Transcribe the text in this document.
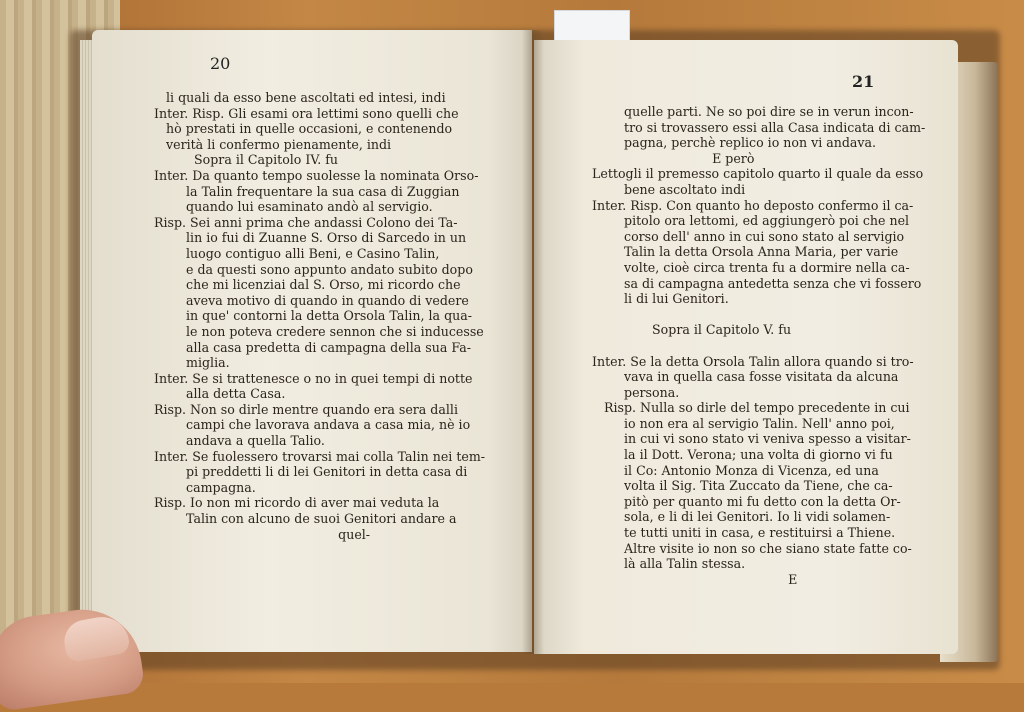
20
li quali da esso bene ascoltati ed intesi, indi
Inter. Risp. Gli esami ora lettimi sono quelli che
hò prestati in quelle occasioni, e contenendo
verità li confermo pienamente, indi
Sopra il Capitolo IV. fu
Inter. Da quanto tempo suolesse la nominata Orso-
la Talin frequentare la sua casa di Zuggian
quando lui esaminato andò al servigio.
Risp. Sei anni prima che andassi Colono dei Ta-
lin io fui di Zuanne S. Orso di Sarcedo in un
luogo contiguo alli Beni, e Casino Talin,
e da questi sono appunto andato subito dopo
che mi licenziai dal S. Orso, mi ricordo che
aveva motivo di quando in quando di vedere
in que' contorni la detta Orsola Talin, la qua-
le non poteva credere sennon che si inducesse
alla casa predetta di campagna della sua Fa-
miglia.
Inter. Se si trattenesce o no in quei tempi di notte
alla detta Casa.
Risp. Non so dirle mentre quando era sera dalli
campi che lavorava andava a casa mia, nè io
andava a quella Talio.
Inter. Se fuolessero trovarsi mai colla Talin nei tem-
pi preddetti li di lei Genitori in detta casa di
campagna.
Risp. Io non mi ricordo di aver mai veduta la
Talin con alcuno de suoi Genitori andare a
quel-
21
quelle parti. Ne so poi dire se in verun incon-
tro si trovassero essi alla Casa indicata di cam-
pagna, perchè replico io non vi andava.
E però
Lettogli il premesso capitolo quarto il quale da esso
bene ascoltato indi
Inter. Risp. Con quanto ho deposto confermo il ca-
pitolo ora lettomi, ed aggiungerò poi che nel
corso dell' anno in cui sono stato al servigio
Talin la detta Orsola Anna Maria, per varie
volte, cioè circa trenta fu a dormire nella ca-
sa di campagna antedetta senza che vi fossero
li di lui Genitori.
Sopra il Capitolo V. fu
Inter. Se la detta Orsola Talin allora quando si tro-
vava in quella casa fosse visitata da alcuna
persona.
Risp. Nulla so dirle del tempo precedente in cui
io non era al servigio Talin. Nell' anno poi,
in cui vi sono stato vi veniva spesso a visitar-
la il Dott. Verona; una volta di giorno vi fu
il Co: Antonio Monza di Vicenza, ed una
volta il Sig. Tita Zuccato da Tiene, che ca-
pitò per quanto mi fu detto con la detta Or-
sola, e li di lei Genitori. Io li vidi solamen-
te tutti uniti in casa, e restituirsi a Thiene.
Altre visite io non so che siano state fatte co-
là alla Talin stessa.
E
